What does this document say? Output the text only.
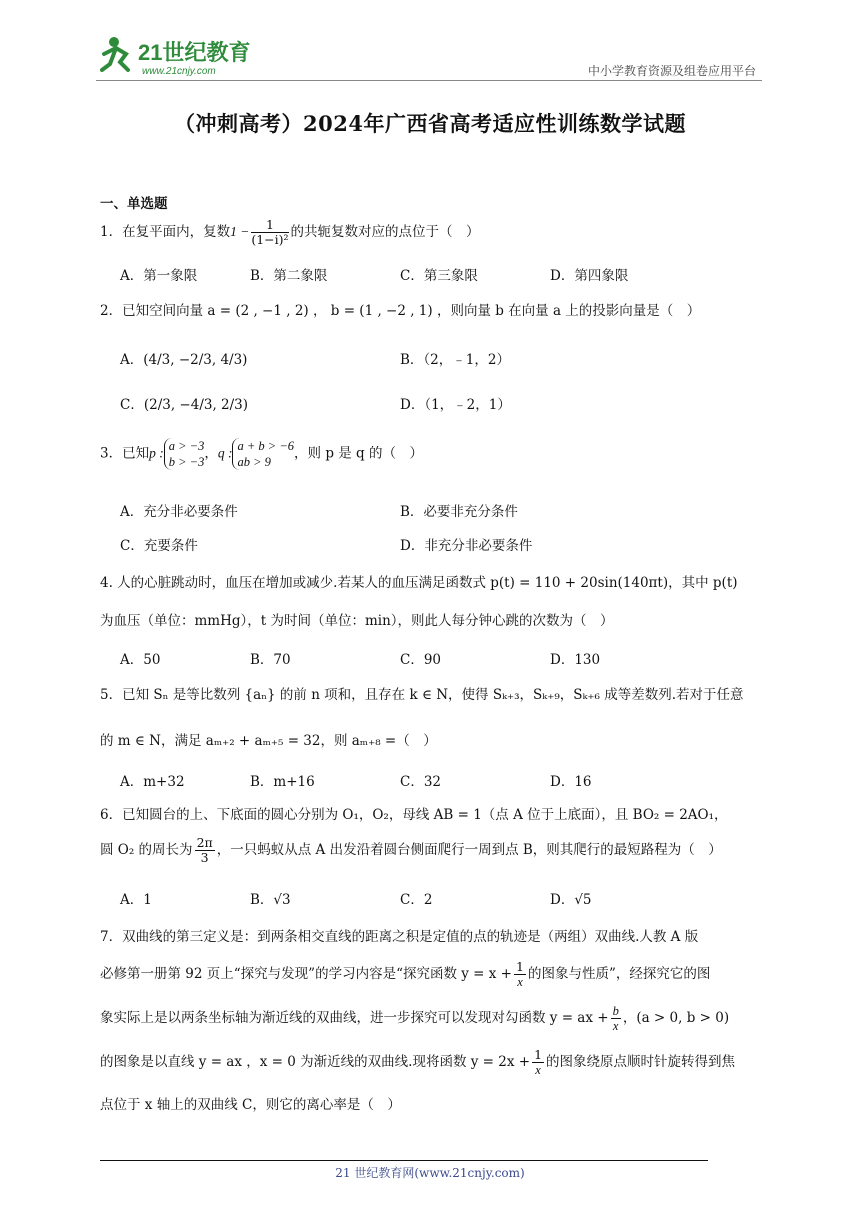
21世纪教育
www.21cnjy.com	中小学教育资源及组卷应用平台
（冲刺高考）2024年广西省高考适应性训练数学试题
一、单选题
1．在复平面内，复数$1 - \frac{1}{\text{(1−i)²}}$ 的共轭复数对应的点位于（　）
A．第一象限	B．第二象限	C．第三象限	D．第四象限
2．已知空间向量 a = (2 , −1 , 2) ， b = (1 , −2 , 1) ，则向量 b 在向量 a 上的投影向量是（　）
A．(4/3, −2/3, 4/3)	B．（2，﹣1，2）
C．(2/3, −4/3, 2/3)	D．（1，﹣2，1）
3．已知p : a > −3
b > −3，q : a + b > −6
ab > 9，则 p 是 q 的（　）
A．充分非必要条件	B．必要非充分条件
C．充要条件	D．非充分非必要条件
4. 人的心脏跳动时，血压在增加或减少.若某人的血压满足函数式 p(t) = 110 + 20sin(140πt)，其中 p(t)
为血压（单位：mmHg），t 为时间（单位：min），则此人每分钟心跳的次数为（　）
A．50	B．70	C．90	D．130
5．已知 Sₙ 是等比数列 {aₙ} 的前 n 项和，且存在 k ∈ N，使得 Sₖ₊₃，Sₖ₊₉，Sₖ₊₆ 成等差数列.若对于任意
的 m ∈ N，满足 aₘ₊₂ + aₘ₊₅ = 32，则 aₘ₊₈ =（　）
A．m+32	B．m+16	C．32	D．16
6．已知圆台的上、下底面的圆心分别为 O₁，O₂，母线 AB = 1（点 A 位于上底面），且 BO₂ = 2AO₁，
圆 O₂ 的周长为 $\frac{2\pi}{3}$ ，一只蚂蚁从点 A 出发沿着圆台侧面爬行一周到点 B，则其爬行的最短路程为（　）
A．1	B．√3	C．2	D．√5
7．双曲线的第三定义是：到两条相交直线的距离之积是定值的点的轨迹是（两组）双曲线.人教 A 版
必修第一册第 92 页上“探究与发现”的学习内容是“探究函数 $y = x + \frac{1}{x}$ 的图象与性质”，经探究它的图
象实际上是以两条坐标轴为渐近线的双曲线，进一步探究可以发现对勾函数 y = ax + $\frac{b}{x}$ ，(a > 0, b > 0)
的图象是以直线 y = ax ，x = 0 为渐近线的双曲线.现将函数 $y = 2x + \frac{1}{x}$ 的图象绕原点顺时针旋转得到焦
点位于 x 轴上的双曲线 C，则它的离心率是（　）
21 世纪教育网(www.21cnjy.com)
